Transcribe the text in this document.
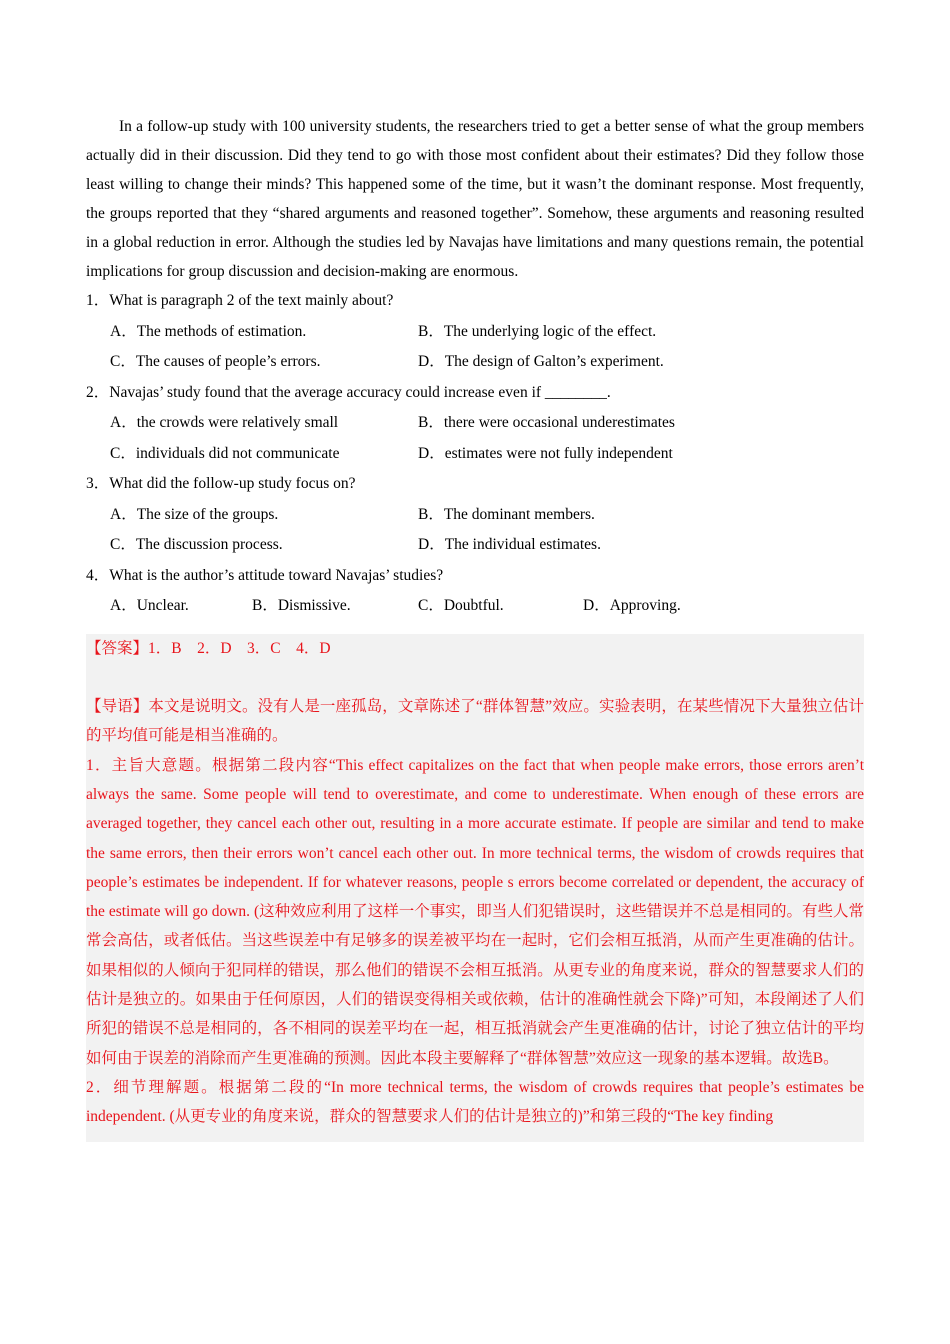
In a follow-up study with 100 university students, the researchers tried to get a better sense of what the group members actually did in their discussion. Did they tend to go with those most confident about their estimates? Did they follow those least willing to change their minds? This happened some of the time, but it wasn’t the dominant response. Most frequently, the groups reported that they “shared arguments and reasoned together”. Somehow, these arguments and reasoning resulted in a global reduction in error. Although the studies led by Navajas have limitations and many questions remain, the potential implications for group discussion and decision-making are enormous.

1．What is paragraph 2 of the text mainly about?

A．The methods of estimation.	B．The underlying logic of the effect.
C．The causes of people’s errors.	D．The design of Galton’s experiment.

2．Navajas’ study found that the average accuracy could increase even if ________.

A．the crowds were relatively small	B．there were occasional underestimates
C．individuals did not communicate	D．estimates were not fully independent

3．What did the follow-up study focus on?

A．The size of the groups.	B．The dominant members.
C．The discussion process.	D．The individual estimates.

4．What is the author’s attitude toward Navajas’ studies?

A．Unclear.	B．Dismissive.	C．Doubtful.	D．Approving.

【答案】1．B　2．D　3．C　4．D

【导语】本文是说明文。没有人是一座孤岛，文章陈述了“群体智慧”效应。实验表明，在某些情况下大量独立估计的平均值可能是相当准确的。

1．主旨大意题。根据第二段内容“This effect capitalizes on the fact that when people make errors, those errors aren’t always the same. Some people will tend to overestimate, and come to underestimate. When enough of these errors are averaged together, they cancel each other out, resulting in a more accurate estimate. If people are similar and tend to make the same errors, then their errors won’t cancel each other out. In more technical terms, the wisdom of crowds requires that people’s estimates be independent. If for whatever reasons, people s errors become correlated or dependent, the accuracy of the estimate will go down. (这种效应利用了这样一个事实，即当人们犯错误时，这些错误并不总是相同的。有些人常常会高估，或者低估。当这些误差中有足够多的误差被平均在一起时，它们会相互抵消，从而产生更准确的估计。如果相似的人倾向于犯同样的错误，那么他们的错误不会相互抵消。从更专业的角度来说，群众的智慧要求人们的估计是独立的。如果由于任何原因，人们的错误变得相关或依赖，估计的准确性就会下降)”可知，本段阐述了人们所犯的错误不总是相同的，各不相同的误差平均在一起，相互抵消就会产生更准确的估计，讨论了独立估计的平均如何由于误差的消除而产生更准确的预测。因此本段主要解释了“群体智慧”效应这一现象的基本逻辑。故选B。

2．细节理解题。根据第二段的“In more technical terms, the wisdom of crowds requires that people’s estimates be independent. (从更专业的角度来说，群众的智慧要求人们的估计是独立的)”和第三段的“The key finding
